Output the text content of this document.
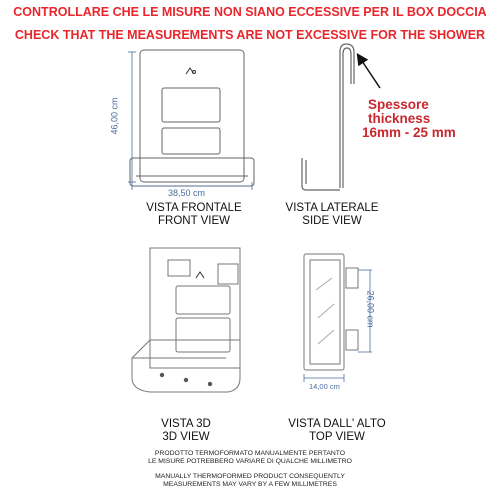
CONTROLLARE CHE LE MISURE NON SIANO ECCESSIVE PER IL BOX DOCCIA
CHECK THAT THE MEASUREMENTS ARE NOT EXCESSIVE FOR THE SHOWER
46,00 cm
38,50 cm
VISTA FRONTALE
FRONT VIEW
Spessore
thickness
16mm - 25 mm
VISTA LATERALE
SIDE VIEW
VISTA 3D
3D VIEW
26,00 cm
14,00 cm
VISTA DALL' ALTO
TOP VIEW
PRODOTTO TERMOFORMATO MANUALMENTE PERTANTO
LE MISURE POTREBBERO VARIARE DI QUALCHE MILLIMETRO
MANUALLY THERMOFORMED PRODUCT CONSEQUENTLY
MEASUREMENTS MAY VARY BY A FEW MILLIMETRES
